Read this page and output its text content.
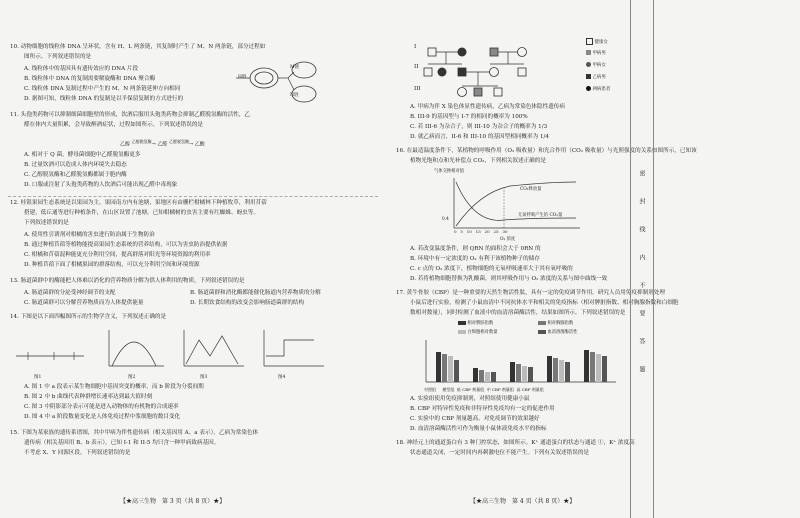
10. 动物细胞的线粒体 DNA 呈环状，含有 H、L 两条链，其复制时产生了 M、N 两条链，部分过程如
图所示。下列叙述错误的是
A. 线粒体中的基因具有遗传效应的 DNA 片段
B. 线粒体中 DNA 的复制需要解旋酶和 DNA 聚合酶
C. 线粒体 DNA 复制过程中产生的 M、N 两条链延伸方向相同
D. 据图可知，线粒体 DNA 的复制是以半保留复制的方式进行的
H链
M链
N链
11. 头孢类药物可以抑制细菌细胞壁的形成，饮酒后服用头孢类药物会抑制乙醛脱氢酶的活性，乙
醛在体内大量积累，会导致醉酒症状，过程如图所示。下列叙述错误的是
乙醇 $^{乙醇脱氢酶}$→ 乙醛 $^{乙醛脱氢酶}$→ 乙酸
A. 相对于 Q 菌，酵母菌细胞中乙醛脱氢酶更多
B. 过量饮酒可以造成人体内环境失去稳态
C. 乙醇脱氢酶和乙醛脱氢酶都属于胞内酶
D. 口服或注射了头孢类药物的人饮酒后可能出现乙醛中毒现象
12. 桂银果园生态系统是以果园为主，果园南方内有池塘，果地区有由栅栏柑橘林下种植牧草，利用苜蓿
搭建，低丘通等进行种植条件，在山区设置了池塘，已知柑橘树的虫害主要有红蜘蛛、蚜虫等。
下列叙述错误的是
A. 使用性引诱剂对柑橘的害虫进行防治属于生物防治
B. 通过种植苜蓿等植物能提高果园生态系统的营养结构，可以为害虫防治提供依据
C. 柑橘和苜蓿混种能更充分利用空间，提高群落对阳光等环境资源的利用率
D. 种植苜蓿下面了柑橘果园的群落结构，可以充分利用空间和环境资源
13. 肠道菌群中的酶能把人体难以消化的营养物质分解为供人体利用的物质，下列叙述错误的是
A. 肠道菌群的分泌受神经调节的支配	B. 肠道菌群和消化酶都能催化肠道内营养物质的分解
C. 肠道菌群可以分解营养物质而为人体提供能量	D. 长期饮食结构的改变会影响肠道菌群的结构
14. 下图是以下面四幅图所示的生物学含义，下列叙述正确的是
图1	图2	图3	图4
A. 图 1 中 a 段表示某生物细胞中基因突变的概率，而 b 阶段为分裂间期
B. 图 2 中 b 曲线代表种群增长速率达到最大值时刻
C. 图 3 中阴影部分表示可能是进入动物体的有机物的合成速率
D. 图 4 中 a 阶段数量变化是人体免疫过程中浆细胞的数目变化
15. 下图为某家族的遗传系谱图，其中甲病为伴性遗传病（相关基因用 A、a 表示），乙病为常染色体
遗传病（相关基因用 B、b 表示），已知 I-1 和 II-5 均只含一种甲病致病基因。
不考虑 X、Y 同源区段，下列叙述错误的是
【★高三生物　第 3 页（共 8 页）★】
I
II
III
健康女
甲病男
甲病女
乙病男
两病患者
A. 甲病为伴 X 染色体显性遗传病，乙病为常染色体隐性遗传病
B. III-9 的基因型与 I-7 的相同的概率为 100%
C. 若 III-6 为杂合子，则 III-10 为杂合子的概率为 1/3
D. 就乙病而言，II-6 和 III-10 的基因型相同概率为 1/4
16. 在最适温度条件下，某植物的呼吸作用（O₂ 吸收量）和光合作用（CO₂ 吸收量）与光照强度的关系如图所示，已知该
植物光饱和点和光补偿点 CO₂，下列相关叙述正确的是
气体交换相对值
CO₂释放量
无氧呼吸产生的 CO₂量
0.4
0 5 10 15 20 25 30
O₂ 浓度
A. 若改变温度条件，则 QRN 的面积会大于 0RN 的
B. 环境中有一定浓度的 O₂ 有利于该植物种子的储存
C. c 点的 O₂ 浓度下，植物细胞的无氧呼吸速率大于其有氧呼吸的
D. 若将植物细胞替换为乳酸菌，则其呼吸作用与 O₂ 浓度的关系与图中曲线一致
17. 黄牛骨胶（CBP）是一种重要的天然生物活性肽，具有一定的免疫调节作用。研究人员用免疫抑制剂处理
小鼠后进行实验，检测了小鼠血清中不同抗体水平和相关的免疫指标（相对脾脏指数、相对胸腺指数和白细胞
数相对数量），同时检测了血液中的血清溶菌酶活性，结果如图所示。下列叙述错误的是
相对脾脏指数	相对胸腺指数
白细胞相对数量	血清溶菌酶活性
对照组 模型组 低 CBP 剂量组 中 CBP 剂量组 高 CBP 剂量组
A. 实验组使用免疫抑制剂，对照组使用健康小鼠
B. CBP 对特异性免疫和非特异性免疫均有一定的促进作用
C. 实验中的 CBP 剂量越高，对免疫调节的效果越好
D. 血清溶菌酶活性可作为衡量小鼠体液免疫水平的指标
18. 神经元上的通道蛋白有 3 种门控状态，如图所示。K⁺ 通道蛋白的状态与通道 ①，K⁺ 浓度高
状态通道关闭，一定时间内再刺激电位不能产生。下列有关叙述错误的是
【★高三生物　第 4 页（共 8 页）★】
密
封
线
内
不
要
答
题
